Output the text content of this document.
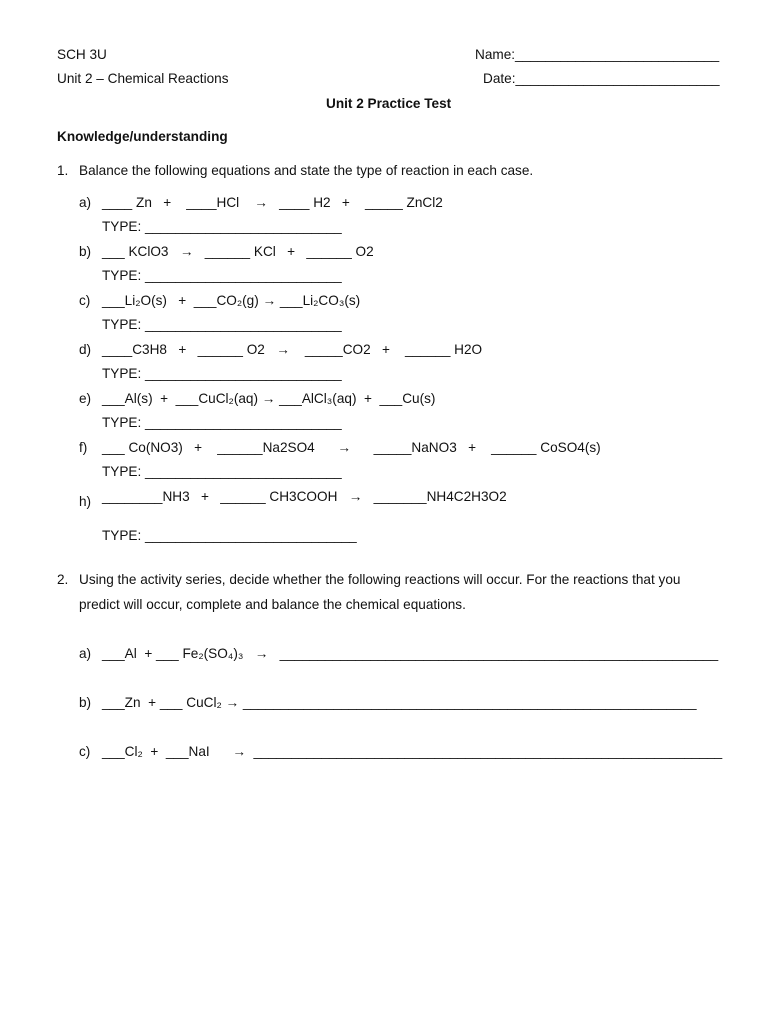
SCH 3U
Unit 2 – Chemical Reactions
Name:___________________________
Date:___________________________
Unit 2 Practice Test
Knowledge/understanding
1. Balance the following equations and state the type of reaction in each case.
a) ____ Zn   +    ____HCl    →   ____ H2   +    _____ ZnCl2
TYPE: __________________________
b) ___ KClO3   →   ______ KCl   +   ______ O2
TYPE: __________________________
c) ___Li₂O(s)   +  ___CO₂(g) → ___Li₂CO₃(s)
TYPE: __________________________
d) ____C3H8   +   ______ O2   →    _____CO2   +    ______ H2O
TYPE: __________________________
e) ___Al(s)  +  ___CuCl₂(aq) → ___AlCl₃(aq)  +  ___Cu(s)
TYPE: __________________________
f) ___ Co(NO3)   +    ______Na2SO4      →      _____NaNO3   +    ______ CoSO4(s)
TYPE: __________________________
h) ________NH3   +   ______ CH3COOH   →   _______NH4C2H3O2
TYPE: ____________________________
2. Using the activity series, decide whether the following reactions will occur. For the reactions that you
predict will occur, complete and balance the chemical equations.
a) ___Al  + ___ Fe₂(SO₄)₃   →   __________________________________________________________
b) ___Zn  + ___ CuCl₂ → ____________________________________________________________
c) ___Cl₂  +  ___NaI      →  ______________________________________________________________
